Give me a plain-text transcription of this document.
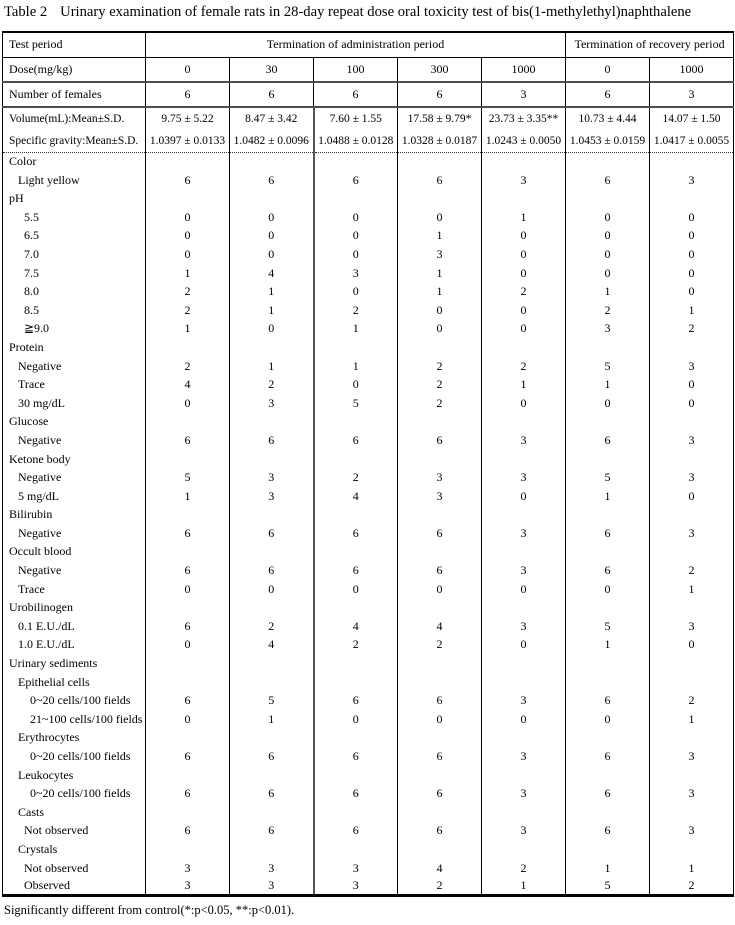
Table 2 Urinary examination of female rats in 28-day repeat dose oral toxicity test of bis(1-methylethyl)naphthalene
Test period	Termination of administration period					Termination of recovery period	
Dose(mg/kg)	0	30	100	300	1000	0	1000
Number of females	6	6	6	6	3	6	3
Volume(mL):Mean±S.D.	9.75 ± 5.22	8.47 ± 3.42	7.60 ± 1.55	17.58 ± 9.79*	23.73 ± 3.35**	10.73 ± 4.44	14.07 ± 1.50
Specific gravity:Mean±S.D.	1.0397 ± 0.0133	1.0482 ± 0.0096	1.0488 ± 0.0128	1.0328 ± 0.0187	1.0243 ± 0.0050	1.0453 ± 0.0159	1.0417 ± 0.0055
Color							
Light yellow	6	6	6	6	3	6	3
pH							
5.5	0	0	0	0	1	0	0
6.5	0	0	0	1	0	0	0
7.0	0	0	0	3	0	0	0
7.5	1	4	3	1	0	0	0
8.0	2	1	0	1	2	1	0
8.5	2	1	2	0	0	2	1
≧9.0	1	0	1	0	0	3	2
Protein							
Negative	2	1	1	2	2	5	3
Trace	4	2	0	2	1	1	0
30 mg/dL	0	3	5	2	0	0	0
Glucose							
Negative	6	6	6	6	3	6	3
Ketone body							
Negative	5	3	2	3	3	5	3
5 mg/dL	1	3	4	3	0	1	0
Bilirubin							
Negative	6	6	6	6	3	6	3
Occult blood							
Negative	6	6	6	6	3	6	2
Trace	0	0	0	0	0	0	1
Urobilinogen							
0.1 E.U./dL	6	2	4	4	3	5	3
1.0 E.U./dL	0	4	2	2	0	1	0
Urinary sediments							
Epithelial cells							
0~20 cells/100 fields	6	5	6	6	3	6	2
21~100 cells/100 fields	0	1	0	0	0	0	1
Erythrocytes							
0~20 cells/100 fields	6	6	6	6	3	6	3
Leukocytes							
0~20 cells/100 fields	6	6	6	6	3	6	3
Casts							
Not observed	6	6	6	6	3	6	3
Crystals							
Not observed	3	3	3	4	2	1	1
Observed	3	3	3	2	1	5	2
Significantly different from control(*:p<0.05, **:p<0.01).
